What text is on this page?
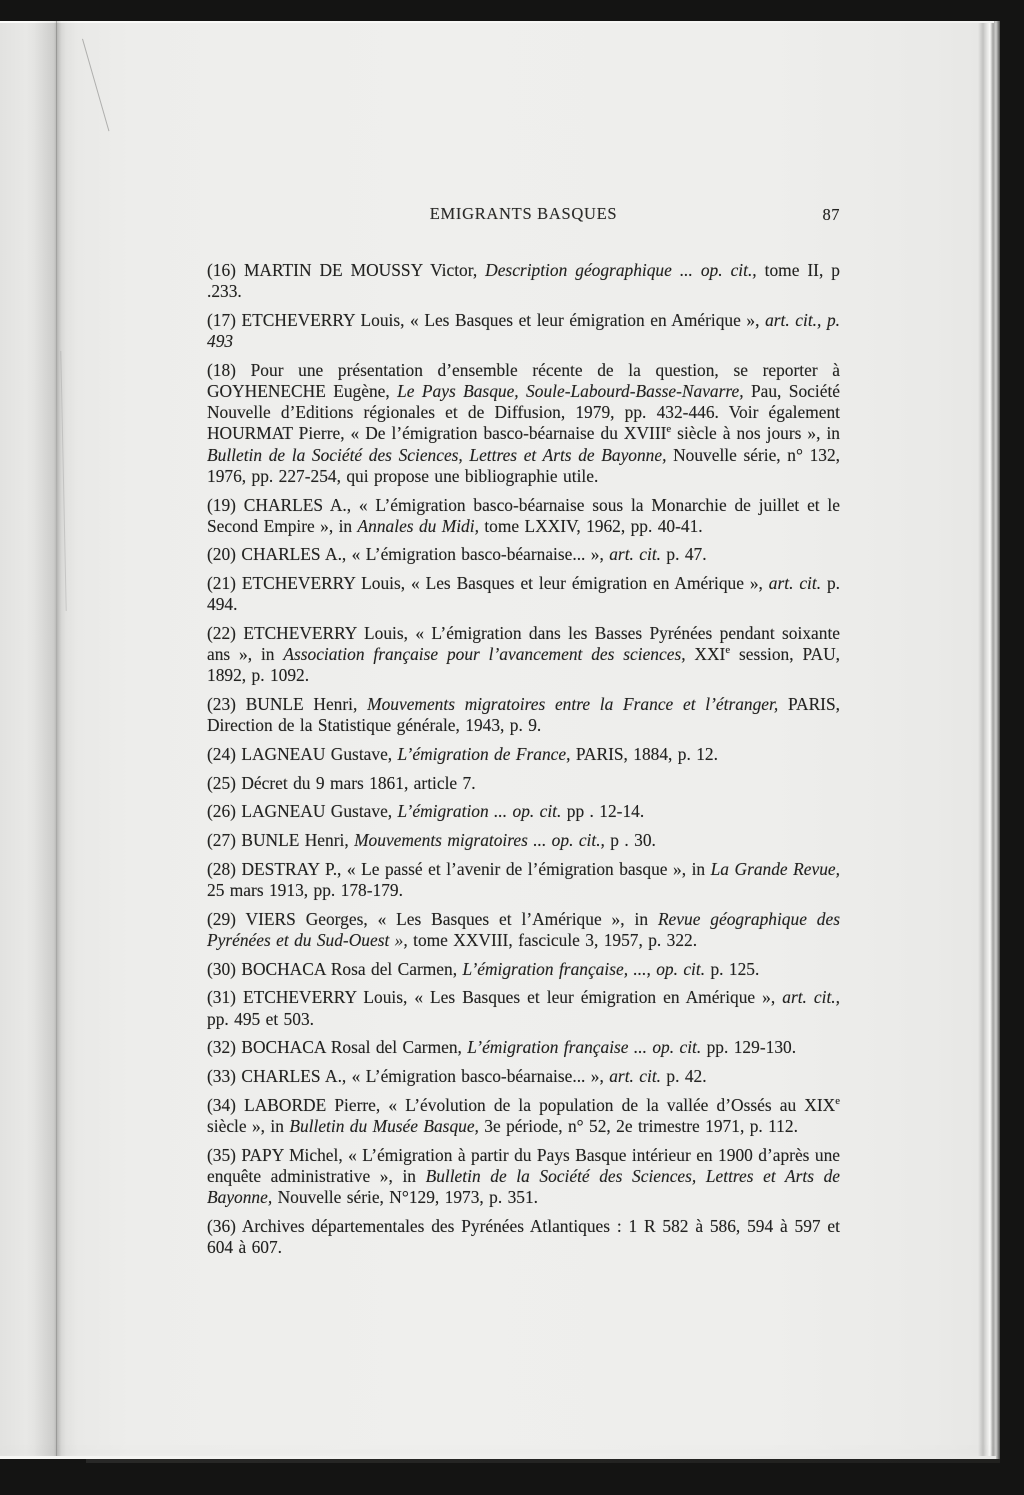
EMIGRANTS BASQUES	87

(16) MARTIN DE MOUSSY Victor, Description géographique ... op. cit., tome II, p .233.

(17) ETCHEVERRY Louis, « Les Basques et leur émigration en Amérique », art. cit., p. 493

(18) Pour une présentation d’ensemble récente de la question, se reporter à GOYHENECHE Eugène, Le Pays Basque, Soule-Labourd-Basse-Navarre, Pau, Société Nouvelle d’Editions régionales et de Diffusion, 1979, pp. 432-446. Voir également HOURMAT Pierre, « De l’émigration basco-béarnaise du XVIIIe siècle à nos jours », in Bulletin de la Société des Sciences, Lettres et Arts de Bayonne, Nouvelle série, n° 132, 1976, pp. 227-254, qui propose une bibliographie utile.

(19) CHARLES A., « L’émigration basco-béarnaise sous la Monarchie de juillet et le Second Empire », in Annales du Midi, tome LXXIV, 1962, pp. 40-41.

(20) CHARLES A., « L’émigration basco-béarnaise... », art. cit. p. 47.

(21) ETCHEVERRY Louis, « Les Basques et leur émigration en Amérique », art. cit. p. 494.

(22) ETCHEVERRY Louis, « L’émigration dans les Basses Pyrénées pendant soixante ans », in Association française pour l’avancement des sciences, XXIe session, PAU, 1892, p. 1092.

(23) BUNLE Henri, Mouvements migratoires entre la France et l’étranger, PARIS, Direction de la Statistique générale, 1943, p. 9.

(24) LAGNEAU Gustave, L’émigration de France, PARIS, 1884, p. 12.

(25) Décret du 9 mars 1861, article 7.

(26) LAGNEAU Gustave, L’émigration ... op. cit. pp . 12-14.

(27) BUNLE Henri, Mouvements migratoires ... op. cit., p . 30.

(28) DESTRAY P., « Le passé et l’avenir de l’émigration basque », in La Grande Revue, 25 mars 1913, pp. 178-179.

(29) VIERS Georges, « Les Basques et l’Amérique », in Revue géographique des Pyrénées et du Sud-Ouest », tome XXVIII, fascicule 3, 1957, p. 322.

(30) BOCHACA Rosa del Carmen, L’émigration française, ..., op. cit. p. 125.

(31) ETCHEVERRY Louis, « Les Basques et leur émigration en Amérique », art. cit., pp. 495 et 503.

(32) BOCHACA Rosal del Carmen, L’émigration française ... op. cit. pp. 129-130.

(33) CHARLES A., « L’émigration basco-béarnaise... », art. cit. p. 42.

(34) LABORDE Pierre, « L’évolution de la population de la vallée d’Ossés au XIXe siècle », in Bulletin du Musée Basque, 3e période, n° 52, 2e trimestre 1971, p. 112.

(35) PAPY Michel, « L’émigration à partir du Pays Basque intérieur en 1900 d’après une enquête administrative », in Bulletin de la Société des Sciences, Lettres et Arts de Bayonne, Nouvelle série, N°129, 1973, p. 351.

(36) Archives départementales des Pyrénées Atlantiques : 1 R 582 à 586, 594 à 597 et 604 à 607.
